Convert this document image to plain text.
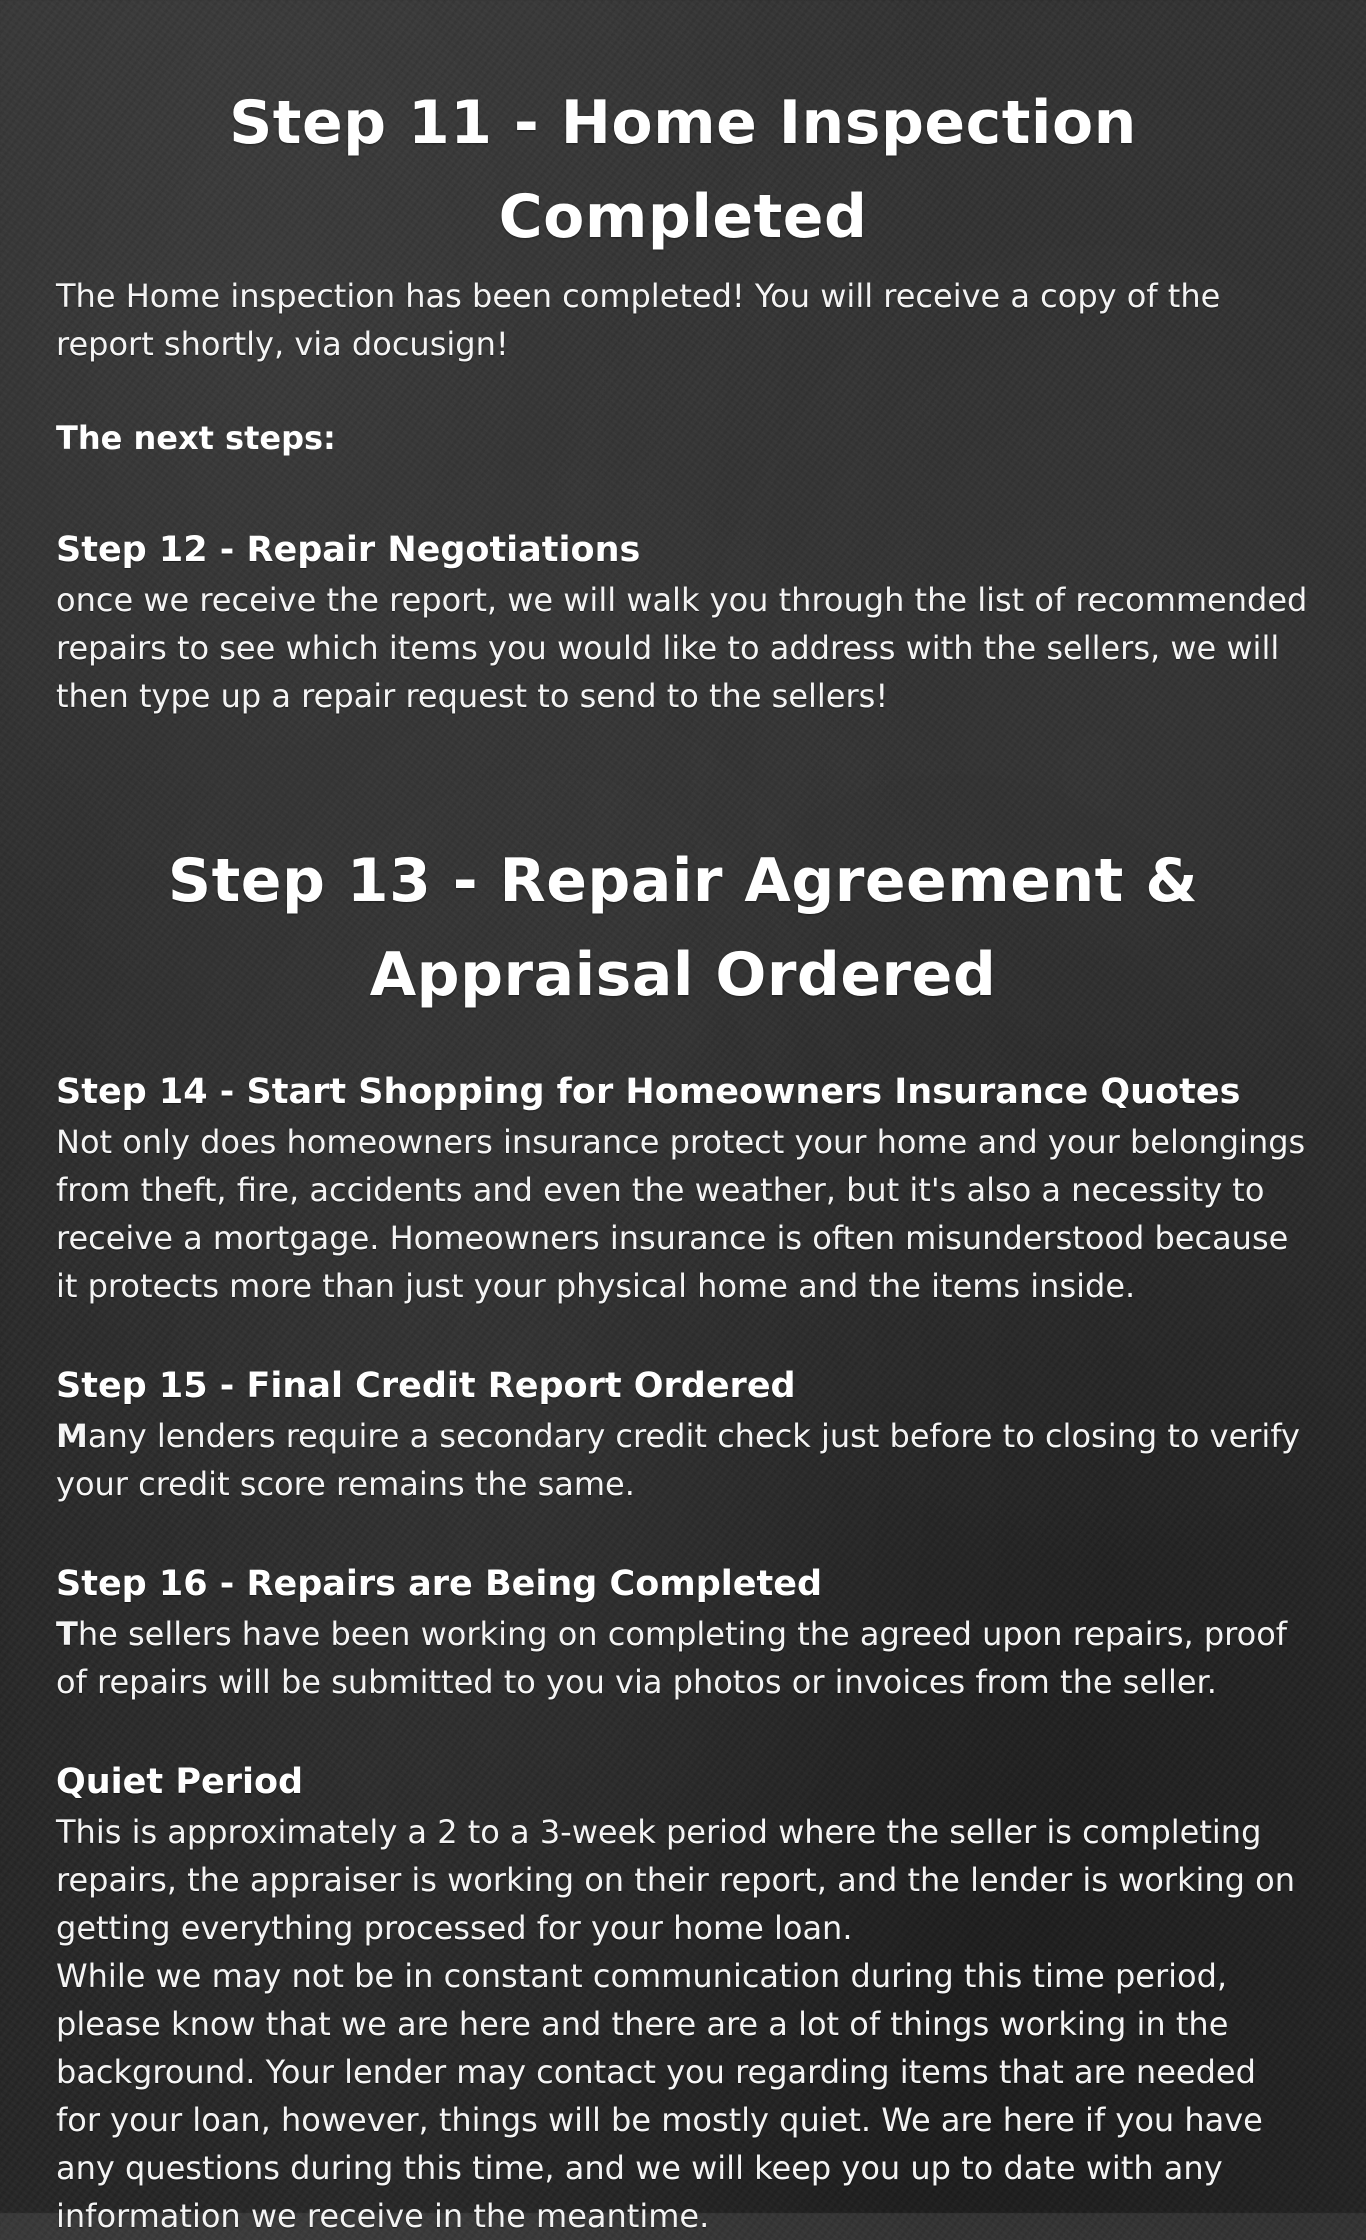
Step 11 - Home Inspection Completed

The Home inspection has been completed! You will receive a copy of the report shortly, via docusign!

The next steps:

Step 12 - Repair Negotiations

once we receive the report, we will walk you through the list of recommended repairs to see which items you would like to address with the sellers, we will then type up a repair request to send to the sellers!

Step 13 - Repair Agreement & Appraisal Ordered
Step 14 - Start Shopping for Homeowners Insurance Quotes

Not only does homeowners insurance protect your home and your belongings from theft, fire, accidents and even the weather, but it's also a necessity to receive a mortgage. Homeowners insurance is often misunderstood because it protects more than just your physical home and the items inside.

Step 15 - Final Credit Report Ordered

Many lenders require a secondary credit check just before to closing to verify your credit score remains the same.

Step 16 - Repairs are Being Completed

The sellers have been working on completing the agreed upon repairs, proof of repairs will be submitted to you via photos or invoices from the seller.

Quiet Period

This is approximately a 2 to a 3-week period where the seller is completing repairs, the appraiser is working on their report, and the lender is working on getting everything processed for your home loan.

While we may not be in constant communication during this time period, please know that we are here and there are a lot of things working in the background. Your lender may contact you regarding items that are needed for your loan, however, things will be mostly quiet. We are here if you have any questions during this time, and we will keep you up to date with any information we receive in the meantime.
